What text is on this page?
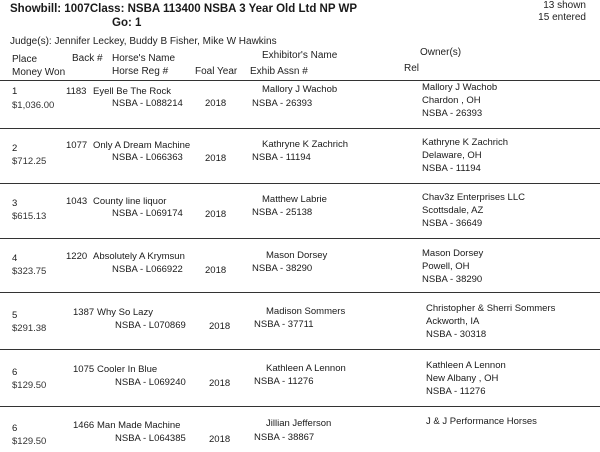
Showbill: 1007Class: NSBA 113400 NSBA 3 Year Old Ltd NP WP
Go: 1
13 shown
15 entered
Judge(s): Jennifer Leckey, Buddy B Fisher, Mike W Hawkins
Place
Money Won
Back # Horse's Name
Horse Reg #	Foal Year
Exhibitor's Name
Exhib Assn #	Rel
Owner(s)
1
$1,036.00
1183 Eyell Be The Rock
NSBA - L088214 2018
Mallory J Wachob
NSBA - 26393
Mallory J Wachob
Chardon , OH
NSBA - 26393
2
$712.25
1077 Only A Dream Machine
NSBA - L066363 2018
Kathryne K Zachrich
NSBA - 11194
Kathryne K Zachrich
Delaware, OH
NSBA - 11194
3
$615.13
1043 County line liquor
NSBA - L069174 2018
Matthew Labrie
NSBA - 25138
Chav3z Enterprises LLC
Scottsdale, AZ
NSBA - 36649
4
$323.75
1220 Absolutely A Krymsun
NSBA - L066922 2018
Mason Dorsey
NSBA - 38290
Mason Dorsey
Powell, OH
NSBA - 38290
5
$291.38
1387 Why So Lazy
NSBA - L070869 2018
Madison Sommers
NSBA - 37711
Christopher & Sherri Sommers
Ackworth, IA
NSBA - 30318
6
$129.50
1075 Cooler In Blue
NSBA - L069240 2018
Kathleen A Lennon
NSBA - 11276
Kathleen A Lennon
New Albany , OH
NSBA - 11276
6
$129.50
1466 Man Made Machine
NSBA - L064385 2018
Jillian Jefferson
NSBA - 38867
J & J Performance Horses
